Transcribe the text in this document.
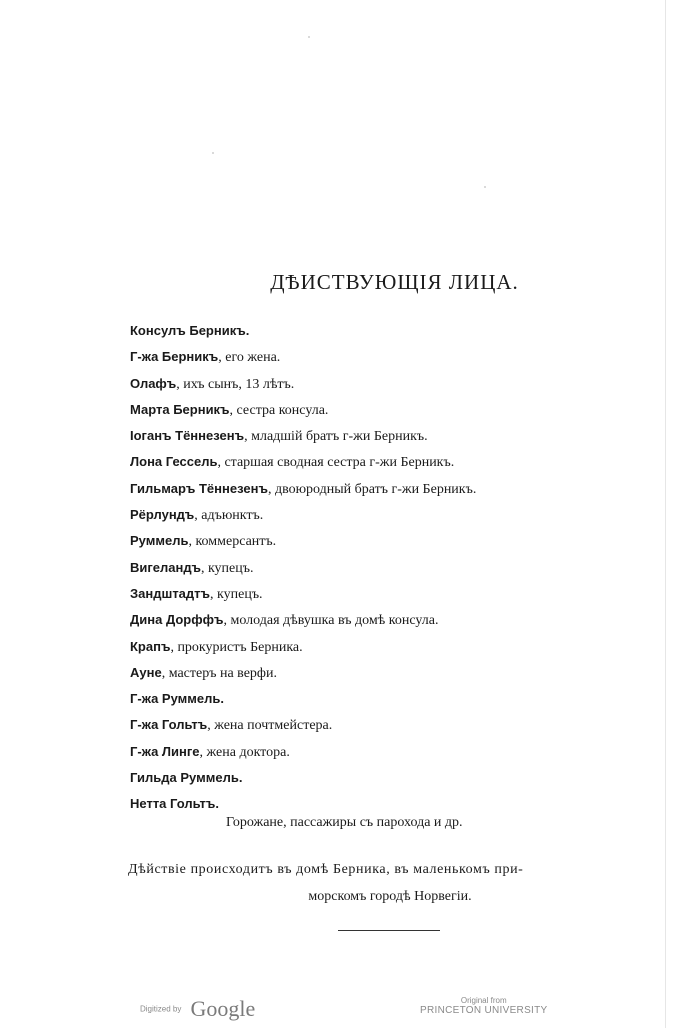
ДѢИСТВУЮЩIЯ ЛИЦА.
Консулъ Берникъ.
Г-жа Берникъ, его жена.
Олафъ, ихъ сынъ, 13 лѣтъ.
Марта Берникъ, сестра консула.
Iоганъ Тённезенъ, младшiй братъ г-жи Берникъ.
Лона Гессель, старшая сводная сестра г-жи Берникъ.
Гильмаръ Тённезенъ, двоюродный братъ г-жи Берникъ.
Рёрлундъ, адъюнктъ.
Руммель, коммерсантъ.
Вигеландъ, купецъ.
Зандштадтъ, купецъ.
Дина Дорффъ, молодая дѣвушка въ домѣ консула.
Крапъ, прокуристъ Берника.
Ауне, мастеръ на верфи.
Г-жа Руммель.
Г-жа Гольтъ, жена почтмейстера.
Г-жа Линге, жена доктора.
Гильда Руммель.
Нетта Гольтъ.
Горожане, пассажиры съ парохода и др.
Дѣйствiе происходитъ въ домѣ Берника, въ маленькомъ при-
морскомъ городѣ Норвегiи.
Digitized by Google	Original from
PRINCETON UNIVERSITY
